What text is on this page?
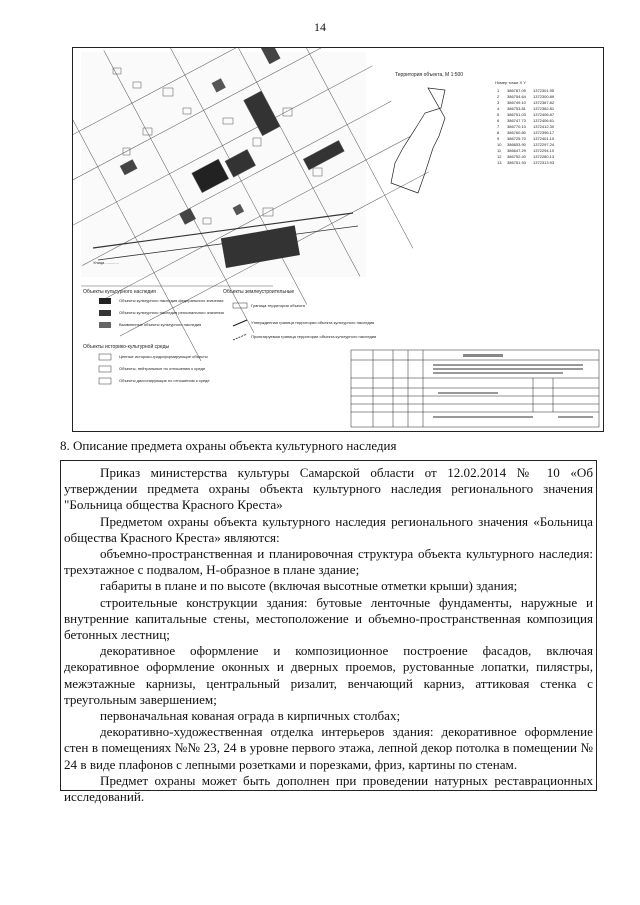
14
Улица ............
Территория объекта, М 1:500
Номер точки X Y
1 386767.09 1372301.95
2 386754.64 1372300.89
3 386749.10 1372367.82
4 386753.81 1372362.81
5 386751.03 1372406.87
6 386747.73 1372406.61
7 386770.10 1372412.30
8 386760.80 1372396.17
9 386725.70 1372401.10
10 386653.90 1372297.24
11 386647.29 1372294.10
12 386752.40 1372280.13
13 386751.93 1372313.93
Объекты культурного наследия
Объекты культурного наследия федерального значения
Объекты культурного наследия регионального значения
Выявленные объекты культурного наследия
Объекты историко-культурной среды
Ценные историко-градоформирующие объекты
Объекты, нейтральные по отношению к среде
Объекты диссонирующие по отношению к среде
Объекты землеустроительные
Граница территории объекта
Утвержденная граница территории объекта культурного наследия
Проектируемая граница территории объекта культурного наследия
8. Описание предмета охраны объекта культурного наследия

Приказ министерства культуры Самарской области от 12.02.2014 № 10 «Об утверждении предмета охраны объекта культурного наследия регионального значения "Больница общества Красного Креста»

Предметом охраны объекта культурного наследия регионального значения «Больница общества Красного Креста» являются:

объемно-пространственная и планировочная структура объекта культурного наследия: трехэтажное с подвалом, Н-образное в плане здание;

габариты в плане и по высоте (включая высотные отметки крыши) здания;

строительные конструкции здания: бутовые ленточные фундаменты, наружные и внутренние капитальные стены, местоположение и объемно-пространственная композиция бетонных лестниц;

декоративное оформление и композиционное построение фасадов, включая декоративное оформление оконных и дверных проемов, рустованные лопатки, пилястры, межэтажные карнизы, центральный ризалит, венчающий карниз, аттиковая стенка с треугольным завершением;

первоначальная кованая ограда в кирпичных столбах;

декоративно-художественная отделка интерьеров здания: декоративное оформление стен в помещениях №№ 23, 24 в уровне первого этажа, лепной декор потолка в помещении № 24 в виде плафонов с лепными розетками и порезками, фриз, картины по стенам.

Предмет охраны может быть дополнен при проведении натурных реставрационных исследований.
